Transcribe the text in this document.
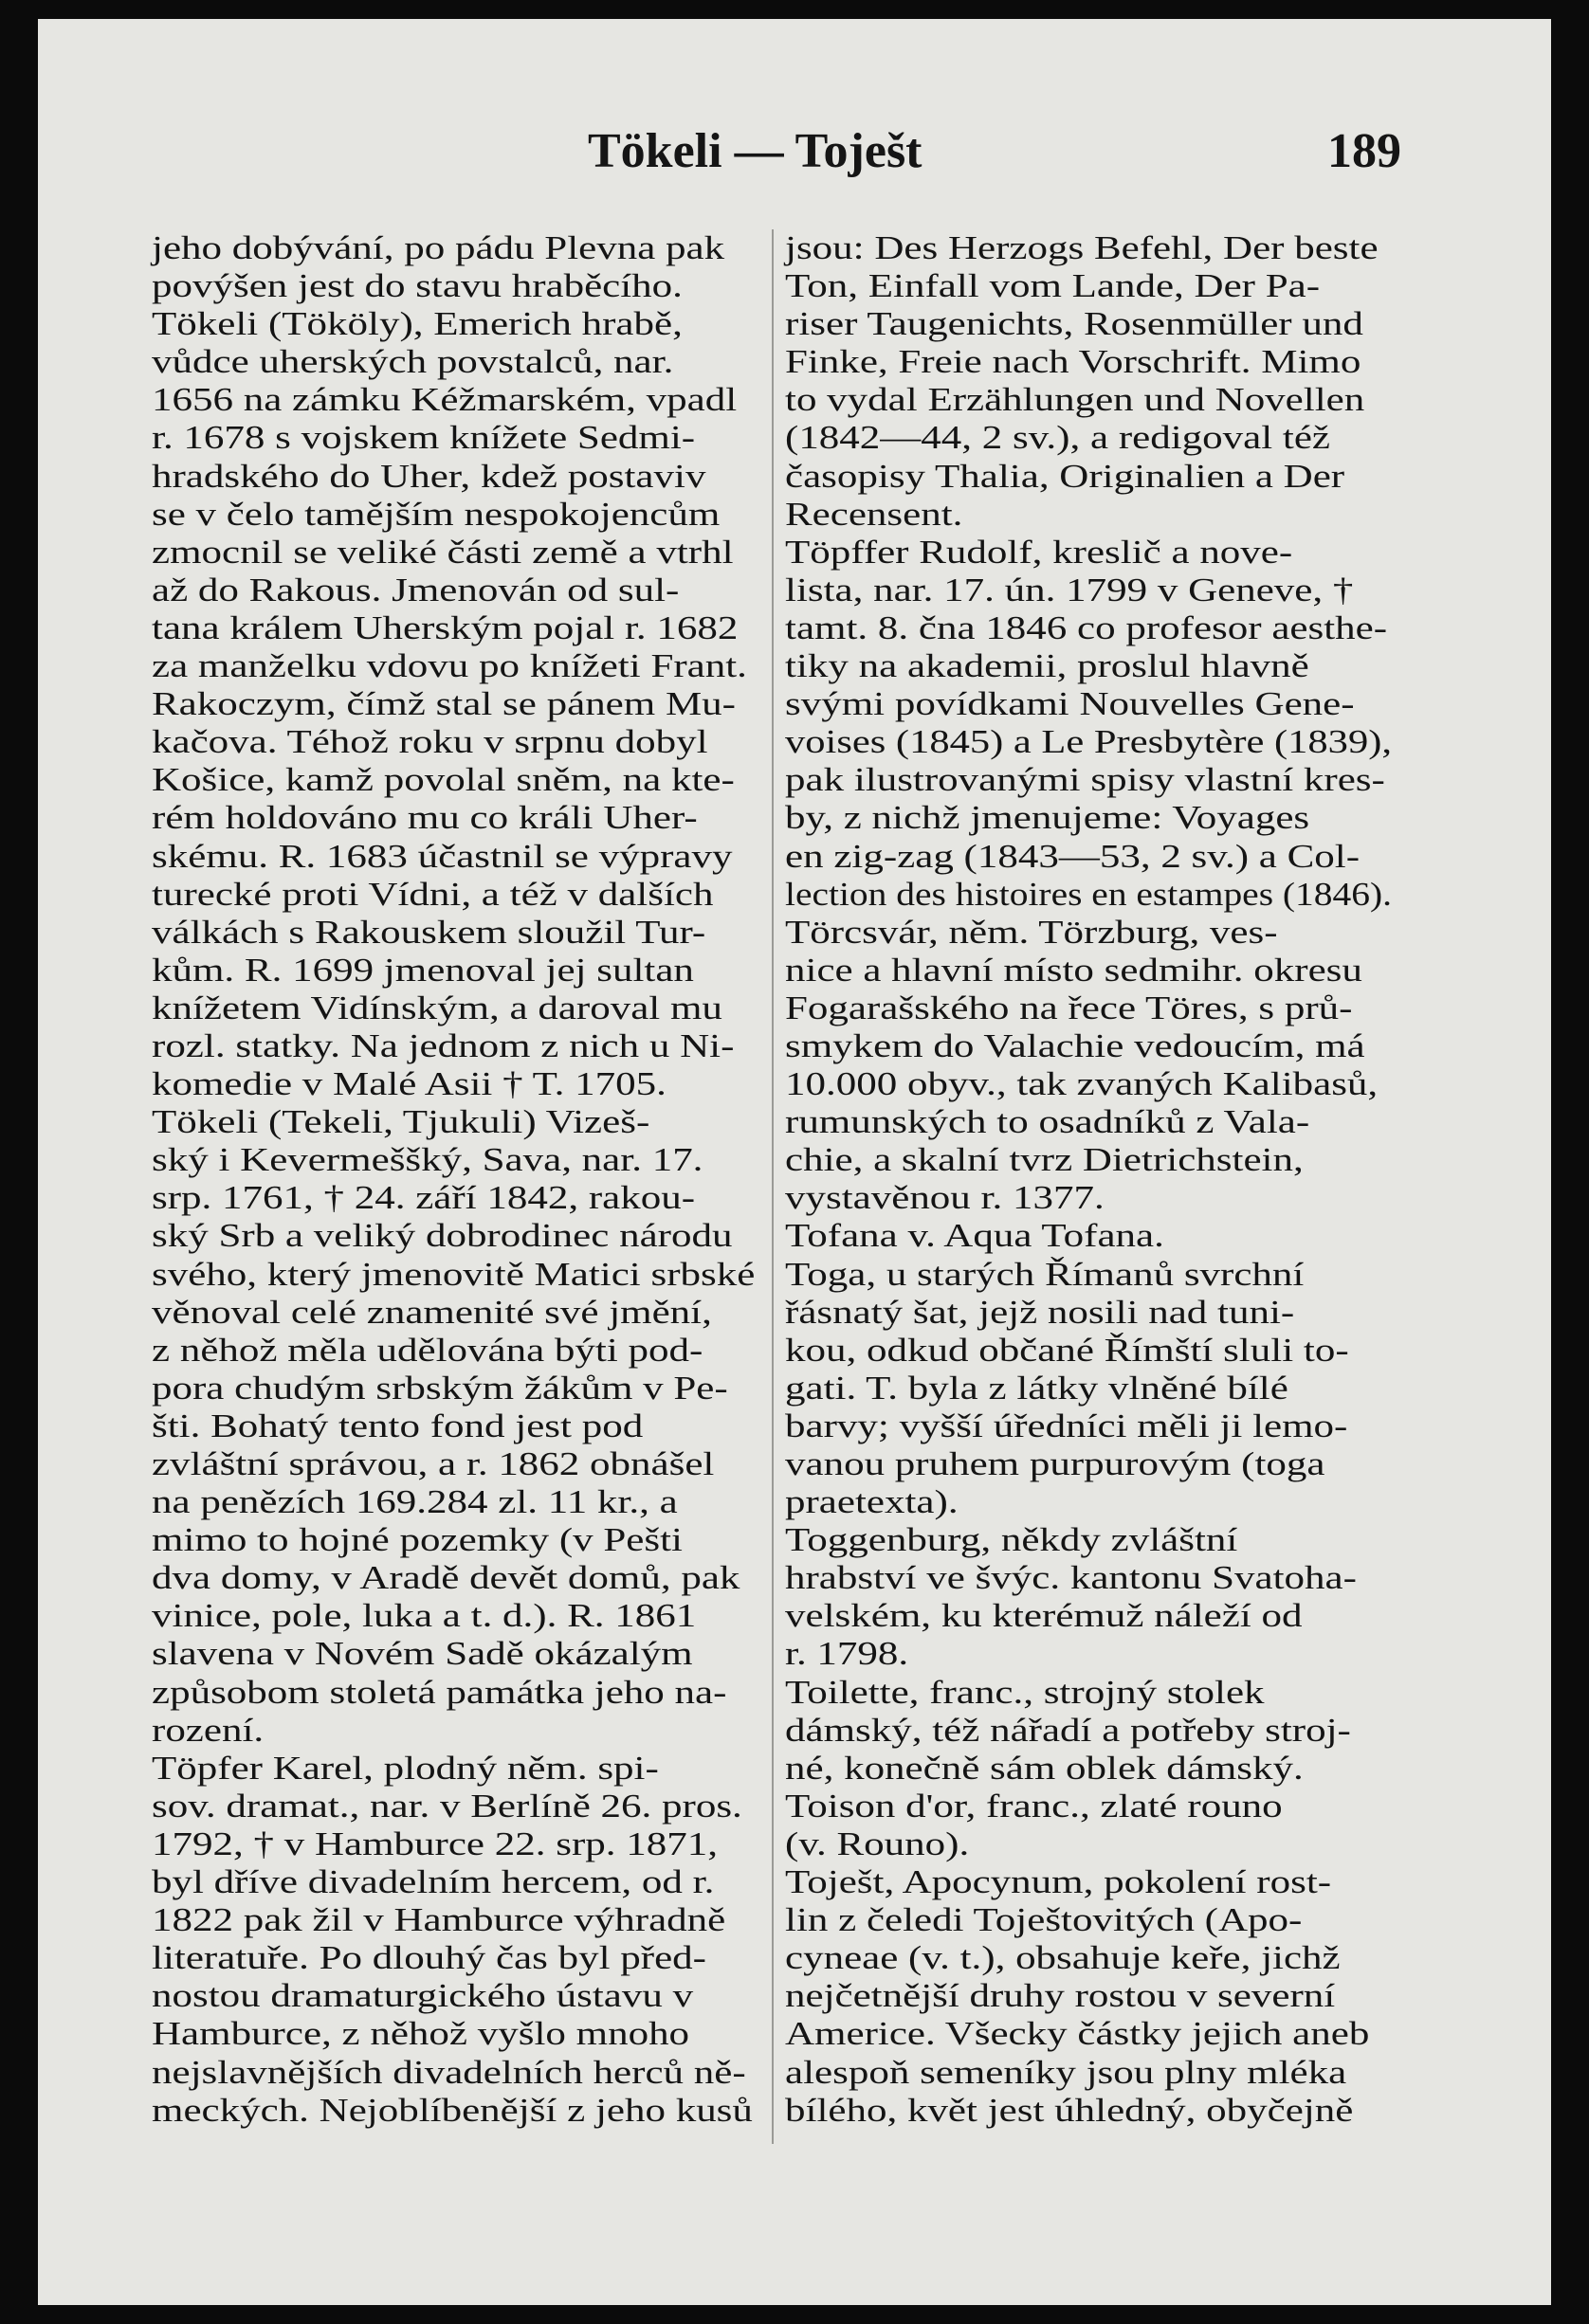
Tökeli — Toješt	189
jeho dobývání, po pádu Plevna pak
povýšen jest do stavu hraběcího.
Tökeli (Tököly), Emerich hrabě,
vůdce uherských povstalců, nar.
1656 na zámku Kéžmarském, vpadl
r. 1678 s vojskem knížete Sedmi-
hradského do Uher, kdež postaviv
se v čelo tamějším nespokojencům
zmocnil se veliké části země a vtrhl
až do Rakous. Jmenován od sul-
tana králem Uherským pojal r. 1682
za manželku vdovu po knížeti Frant.
Rakoczym, čímž stal se pánem Mu-
kačova. Téhož roku v srpnu dobyl
Košice, kamž povolal sněm, na kte-
rém holdováno mu co králi Uher-
skému. R. 1683 účastnil se výpravy
turecké proti Vídni, a též v dalších
válkách s Rakouskem sloužil Tur-
kům. R. 1699 jmenoval jej sultan
knížetem Vidínským, a daroval mu
rozl. statky. Na jednom z nich u Ni-
komedie v Malé Asii † T. 1705.
Tökeli (Tekeli, Tjukuli) Vizeš-
ský i Kevermeššký, Sava, nar. 17.
srp. 1761, † 24. září 1842, rakou-
ský Srb a veliký dobrodinec národu
svého, který jmenovitě Matici srbské
věnoval celé znamenité své jmění,
z něhož měla udělována býti pod-
pora chudým srbským žákům v Pe-
šti. Bohatý tento fond jest pod
zvláštní správou, a r. 1862 obnášel
na penězích 169.284 zl. 11 kr., a
mimo to hojné pozemky (v Pešti
dva domy, v Aradě devět domů, pak
vinice, pole, luka a t. d.). R. 1861
slavena v Novém Sadě okázalým
způsobom stoletá památka jeho na-
rození.
Töpfer Karel, plodný něm. spi-
sov. dramat., nar. v Berlíně 26. pros.
1792, † v Hamburce 22. srp. 1871,
byl dříve divadelním hercem, od r.
1822 pak žil v Hamburce výhradně
literatuře. Po dlouhý čas byl před-
nostou dramaturgického ústavu v
Hamburce, z něhož vyšlo mnoho
nejslavnějších divadelních herců ně-
meckých. Nejoblíbenější z jeho kusů
jsou: Des Herzogs Befehl, Der beste
Ton, Einfall vom Lande, Der Pa-
riser Taugenichts, Rosenmüller und
Finke, Freie nach Vorschrift. Mimo
to vydal Erzählungen und Novellen
(1842—44, 2 sv.), a redigoval též
časopisy Thalia, Originalien a Der
Recensent.
Töpffer Rudolf, kreslič a nove-
lista, nar. 17. ún. 1799 v Geneve, †
tamt. 8. čna 1846 co profesor aesthe-
tiky na akademii, proslul hlavně
svými povídkami Nouvelles Gene-
voises (1845) a Le Presbytère (1839),
pak ilustrovanými spisy vlastní kres-
by, z nichž jmenujeme: Voyages
en zig-zag (1843—53, 2 sv.) a Col-
lection des histoires en estampes (1846).
Törcsvár, něm. Törzburg, ves-
nice a hlavní místo sedmihr. okresu
Fogarašského na řece Töres, s prů-
smykem do Valachie vedoucím, má
10.000 obyv., tak zvaných Kalibasů,
rumunských to osadníků z Vala-
chie, a skalní tvrz Dietrichstein,
vystavěnou r. 1377.
Tofana v. Aqua Tofana.
Toga, u starých Římanů svrchní
řásnatý šat, jejž nosili nad tuni-
kou, odkud občané Římští sluli to-
gati. T. byla z látky vlněné bílé
barvy; vyšší úředníci měli ji lemo-
vanou pruhem purpurovým (toga
praetexta).
Toggenburg, někdy zvláštní
hrabství ve švýc. kantonu Svatoha-
velském, ku kterémuž náleží od
r. 1798.
Toilette, franc., strojný stolek
dámský, též nářadí a potřeby stroj-
né, konečně sám oblek dámský.
Toison d'or, franc., zlaté rouno
(v. Rouno).
Toješt, Apocynum, pokolení rost-
lin z čeledi Toještovitých (Apo-
cyneae (v. t.), obsahuje keře, jichž
nejčetnější druhy rostou v severní
Americe. Všecky částky jejich aneb
alespoň semeníky jsou plny mléka
bílého, květ jest úhledný, obyčejně
